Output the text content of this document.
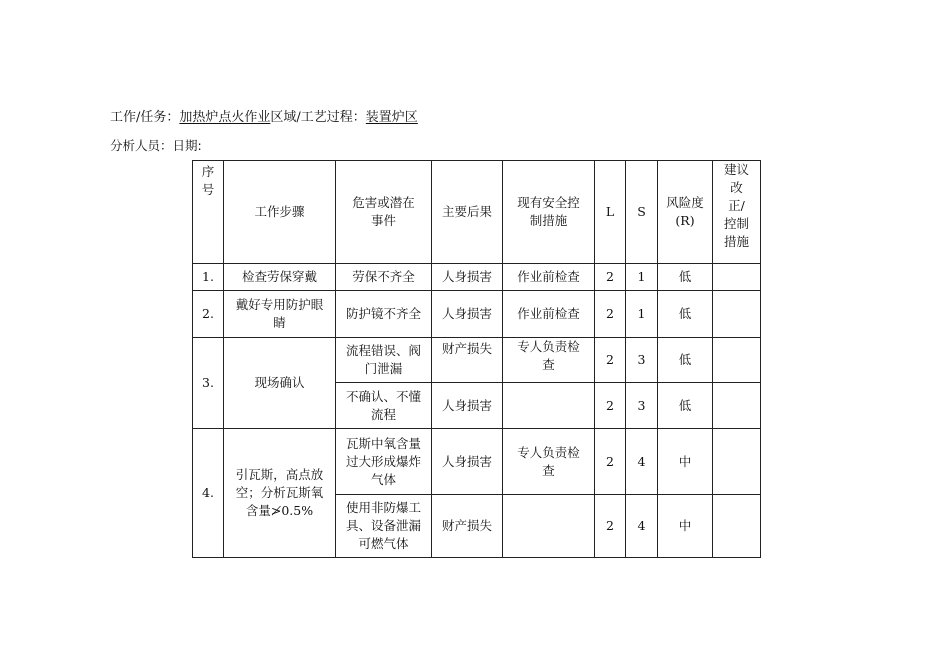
工作/任务：加热炉点火作业区域/工艺过程：装置炉区
分析人员：日期:
序号	工作步骤	危害或潜在事件	主要后果	现有安全控制措施	L	S	风险度(R)	建议改正/控制措施
1.	检查劳保穿戴	劳保不齐全	人身损害	作业前检查	2	1	低	
2.	戴好专用防护眼睛	防护镜不齐全	人身损害	作业前检查	2	1	低	
3.	现场确认	流程错误、阀门泄漏	财产损失	专人负责检查	2	3	低	
		不确认、不懂流程	人身损害		2	3	低	
4.	引瓦斯，高点放空；分析瓦斯氧含量≯0.5%	瓦斯中氧含量过大形成爆炸气体	人身损害	专人负责检查	2	4	中	
		使用非防爆工具、设备泄漏可燃气体	财产损失		2	4	中	
